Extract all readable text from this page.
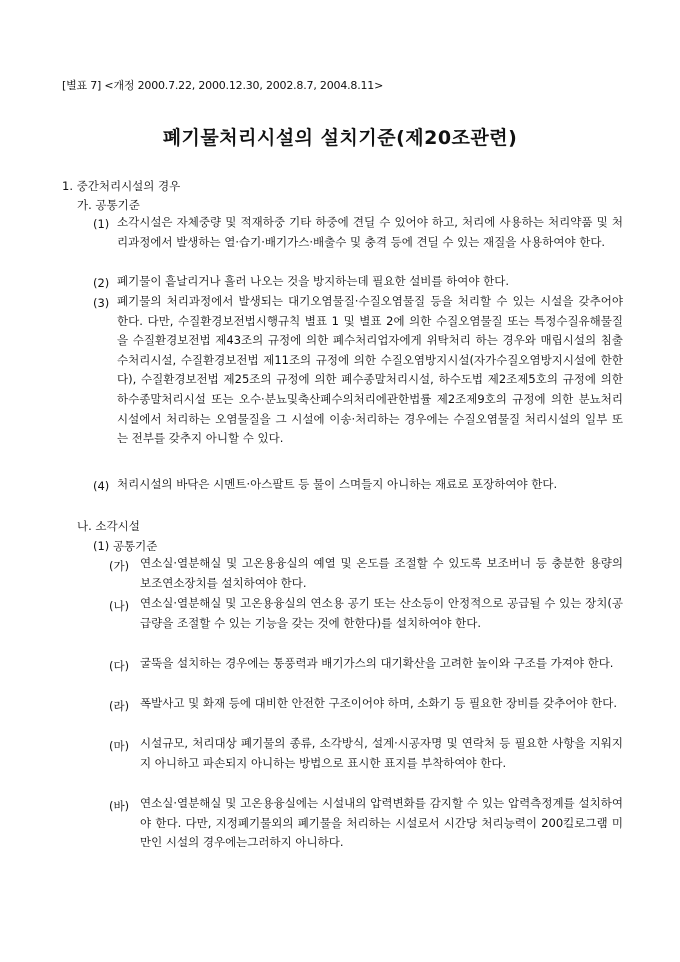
[별표 7] <개정 2000.7.22, 2000.12.30, 2002.8.7, 2004.8.11>
폐기물처리시설의 설치기준(제20조관련)
1. 중간처리시설의 경우
가. 공통기준
(1) 소각시설은 자체중량 및 적재하중 기타 하중에 견딜 수 있어야 하고, 처리에 사용하는 처리약품 및 처리과정에서 발생하는 열·습기·배기가스·배출수 및 충격 등에 견딜 수 있는 재질을 사용하여야 한다.
(2) 폐기물이 흩날리거나 흘러 나오는 것을 방지하는데 필요한 설비를 하여야 한다.
(3) 폐기물의 처리과정에서 발생되는 대기오염물질·수질오염물질 등을 처리할 수 있는 시설을 갖추어야 한다. 다만, 수질환경보전법시행규칙 별표 1 및 별표 2에 의한 수질오염물질 또는 특정수질유해물질을 수질환경보전법 제43조의 규정에 의한 폐수처리업자에게 위탁처리 하는 경우와 매립시설의 침출수처리시설, 수질환경보전법 제11조의 규정에 의한 수질오염방지시설(자가수질오염방지시설에 한한다), 수질환경보전법 제25조의 규정에 의한 폐수종말처리시설, 하수도법 제2조제5호의 규정에 의한 하수종말처리시설 또는 오수·분뇨및축산폐수의처리에관한법률 제2조제9호의 규정에 의한 분뇨처리시설에서 처리하는 오염물질을 그 시설에 이송·처리하는 경우에는 수질오염물질 처리시설의 일부 또는 전부를 갖추지 아니할 수 있다.
(4) 처리시설의 바닥은 시멘트·아스팔트 등 물이 스며들지 아니하는 재료로 포장하여야 한다.
나. 소각시설
(1) 공통기준
(가) 연소실·열분해실 및 고온용융실의 예열 및 온도를 조절할 수 있도록 보조버너 등 충분한 용량의 보조연소장치를 설치하여야 한다.
(나) 연소실·열분해실 및 고온용융실의 연소용 공기 또는 산소등이 안정적으로 공급될 수 있는 장치(공급량을 조절할 수 있는 기능을 갖는 것에 한한다)를 설치하여야 한다.
(다) 굴뚝을 설치하는 경우에는 통풍력과 배기가스의 대기확산을 고려한 높이와 구조를 가져야 한다.
(라) 폭발사고 및 화재 등에 대비한 안전한 구조이어야 하며, 소화기 등 필요한 장비를 갖추어야 한다.
(마) 시설규모, 처리대상 폐기물의 종류, 소각방식, 설계·시공자명 및 연락처 등 필요한 사항을 지워지지 아니하고 파손되지 아니하는 방법으로 표시한 표지를 부착하여야 한다.
(바) 연소실·열분해실 및 고온용융실에는 시설내의 압력변화를 감지할 수 있는 압력측정계를 설치하여야 한다. 다만, 지정폐기물외의 폐기물을 처리하는 시설로서 시간당 처리능력이 200킬로그램 미만인 시설의 경우에는그러하지 아니하다.
